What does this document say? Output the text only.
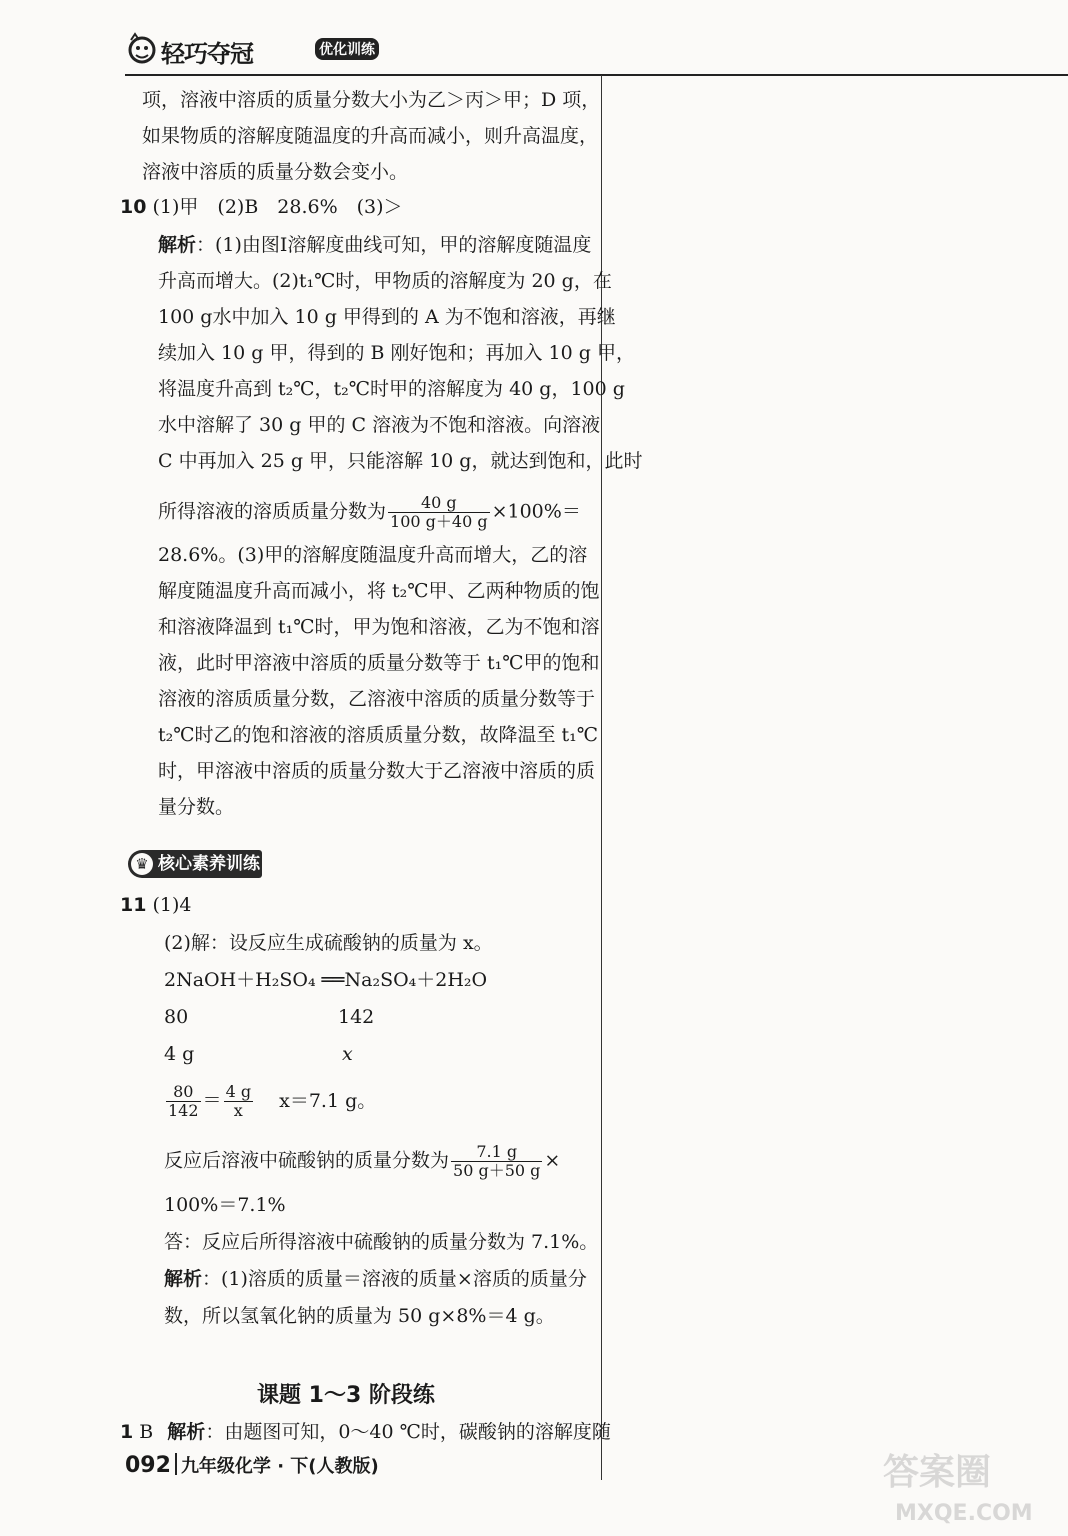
轻巧夺冠	优化训练
项，溶液中溶质的质量分数大小为乙＞丙＞甲；D 项，
如果物质的溶解度随温度的升高而减小，则升高温度，
溶液中溶质的质量分数会变小。
10 (1)甲　(2)B　28.6%　(3)＞
解析：(1)由图Ⅰ溶解度曲线可知，甲的溶解度随温度
升高而增大。(2)t₁℃时，甲物质的溶解度为 20 g，在
100 g水中加入 10 g 甲得到的 A 为不饱和溶液，再继
续加入 10 g 甲，得到的 B 刚好饱和；再加入 10 g 甲，
将温度升高到 t₂℃，t₂℃时甲的溶解度为 40 g，100 g
水中溶解了 30 g 甲的 C 溶液为不饱和溶液。向溶液
C 中再加入 25 g 甲，只能溶解 10 g，就达到饱和，此时
所得溶液的溶质质量分数为 $\frac{40 g}{100 g+40 g} \times 100\%=$
28.6%。(3)甲的溶解度随温度升高而增大，乙的溶
解度随温度升高而减小，将 t₂℃甲、乙两种物质的饱
和溶液降温到 t₁℃时，甲为饱和溶液，乙为不饱和溶
液，此时甲溶液中溶质的质量分数等于 t₁℃甲的饱和
溶液的溶质质量分数，乙溶液中溶质的质量分数等于
t₂℃时乙的饱和溶液的溶质质量分数，故降温至 t₁℃
时，甲溶液中溶质的质量分数大于乙溶液中溶质的质
量分数。
♛ 核心素养训练
11 (1)4
(2)解：设反应生成硫酸钠的质量为 x。
2NaOH＋H₂SO₄ ══Na₂SO₄＋2H₂O
80	142
4 g	x
$\frac{80}{142} = \frac{4 g}{x} x=7.1$ g。
反应后溶液中硫酸钠的质量分数为 $\frac{7.1 g}{50 g+50 g}$ ×
100%＝7.1%
答：反应后所得溶液中硫酸钠的质量分数为 7.1%。
解析：(1)溶质的质量＝溶液的质量×溶质的质量分
数，所以氢氧化钠的质量为 50 g×8%＝4 g。
课题 1～3 阶段练
1 B 解析：由题图可知，0～40 ℃时，碳酸钠的溶解度随
092 九年级化学 · 下(人教版)	答案圈
MXQE.COM
